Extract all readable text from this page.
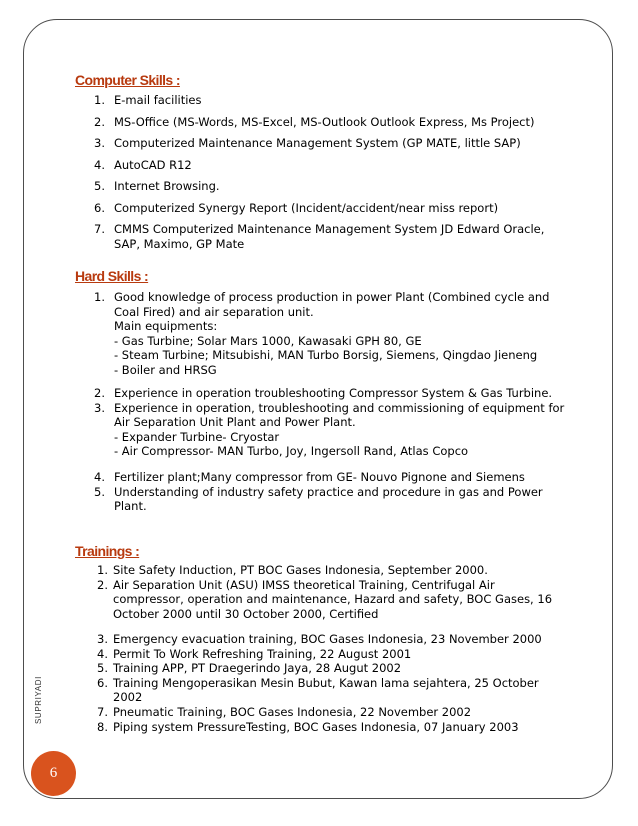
Computer Skills :
1. E-mail facilities
2. MS-Office (MS-Words, MS-Excel, MS-Outlook Outlook Express, Ms Project)
3. Computerized Maintenance Management System (GP MATE, little SAP)
4. AutoCAD R12
5. Internet Browsing.
6. Computerized Synergy Report (Incident/accident/near miss report)
7. CMMS Computerized Maintenance Management System JD Edward Oracle,
SAP, Maximo, GP Mate
Hard Skills :
1. Good knowledge of process production in power Plant (Combined cycle and
Coal Fired) and air separation unit.
Main equipments:
- Gas Turbine; Solar Mars 1000, Kawasaki GPH 80, GE
- Steam Turbine; Mitsubishi, MAN Turbo Borsig, Siemens, Qingdao Jieneng
- Boiler and HRSG
2. Experience in operation troubleshooting Compressor System & Gas Turbine.
3. Experience in operation, troubleshooting and commissioning of equipment for
Air Separation Unit Plant and Power Plant.
- Expander Turbine- Cryostar
- Air Compressor- MAN Turbo, Joy, Ingersoll Rand, Atlas Copco
4. Fertilizer plant;Many compressor from GE- Nouvo Pignone and Siemens
5. Understanding of industry safety practice and procedure in gas and Power
Plant.
Trainings :
1. Site Safety Induction, PT BOC Gases Indonesia, September 2000.
2. Air Separation Unit (ASU) IMSS theoretical Training, Centrifugal Air
compressor, operation and maintenance, Hazard and safety, BOC Gases, 16
October 2000 until 30 October 2000, Certified
3. Emergency evacuation training, BOC Gases Indonesia, 23 November 2000
4. Permit To Work Refreshing Training, 22 August 2001
5. Training APP, PT Draegerindo Jaya, 28 Augut 2002
6. Training Mengoperasikan Mesin Bubut, Kawan lama sejahtera, 25 October
2002
7. Pneumatic Training, BOC Gases Indonesia, 22 November 2002
8. Piping system PressureTesting, BOC Gases Indonesia, 07 January 2003
SUPRIYADI
6
